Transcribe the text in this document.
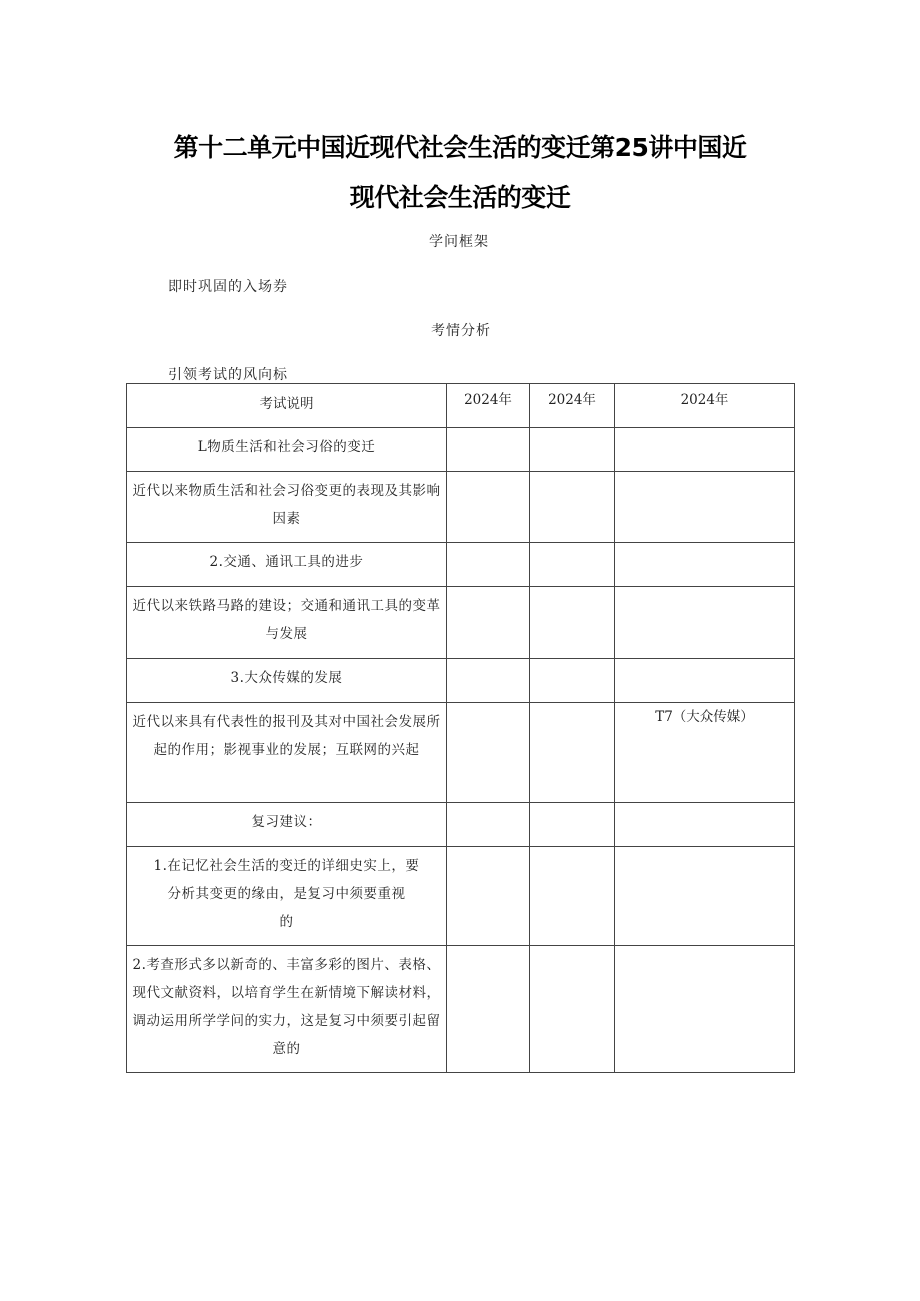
第十二单元中国近现代社会生活的变迁第25讲中国近
现代社会生活的变迁
学问框架
即时巩固的入场券
考情分析
引领考试的风向标
考试说明	2024年	2024年	2024年
L物质生活和社会习俗的变迁			
近代以来物质生活和社会习俗变更的表现及其影响因素			
2.交通、通讯工具的进步			
近代以来铁路马路的建设；交通和通讯工具的变革与发展			
3.大众传媒的发展			
近代以来具有代表性的报刊及其对中国社会发展所起的作用；影视事业的发展；互联网的兴起			T7（大众传媒）
复习建议：			

1.在记忆社会生活的变迁的详细史实上，要
分析其变更的缘由，是复习中须要重视
的			

2.考查形式多以新奇的、丰富多彩的图片、表格、现代文献资料，以培育学生在新情境下解读材料，调动运用所学学问的实力，这是复习中须要引起留意的			
